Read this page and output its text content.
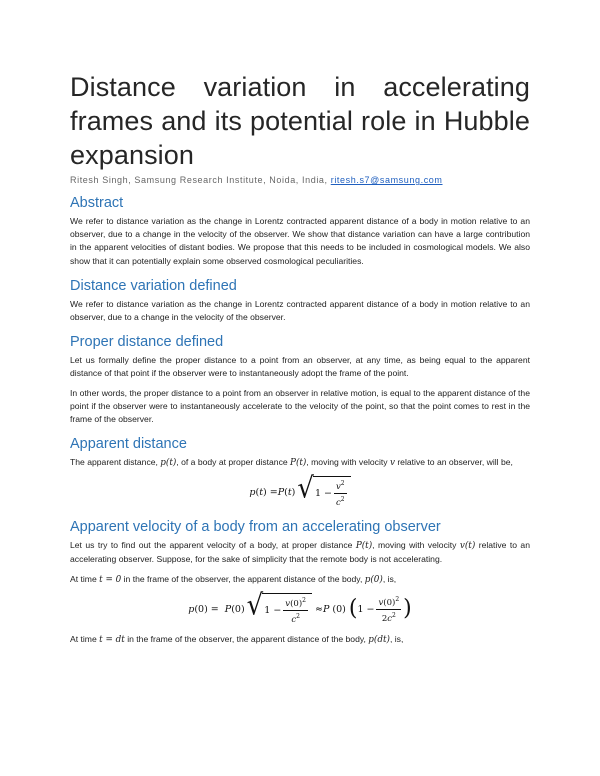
Distance variation in accelerating frames and its potential role in Hubble expansion
Ritesh Singh, Samsung Research Institute, Noida, India, ritesh.s7@samsung.com
Abstract

We refer to distance variation as the change in Lorentz contracted apparent distance of a body in motion relative to an observer, due to a change in the velocity of the observer. We show that distance variation can have a large contribution in the apparent velocities of distant bodies. We propose that this needs to be included in cosmological models. We also show that it can potentially explain some observed cosmological peculiarities.

Distance variation defined

We refer to distance variation as the change in Lorentz contracted apparent distance of a body in motion relative to an observer, due to a change in the velocity of the observer.

Proper distance defined

Let us formally define the proper distance to a point from an observer, at any time, as being equal to the apparent distance of that point if the observer were to instantaneously adopt the frame of the point.

In other words, the proper distance to a point from an observer in relative motion, is equal to the apparent distance of the point if the observer were to instantaneously accelerate to the velocity of the point, so that the point comes to rest in the frame of the observer.

Apparent distance

The apparent distance, p(t), of a body at proper distance P(t), moving with velocity v relative to an observer, will be,

p ( t ) = P ( t ) √ $1 - \frac{v^2}{c^2}$
Apparent velocity of a body from an accelerating observer

Let us try to find out the apparent velocity of a body, at proper distance P(t), moving with velocity v(t) relative to an accelerating observer. Suppose, for the sake of simplicity that the remote body is not accelerating.

At time t = 0 in the frame of the observer, the apparent distance of the body, p(0), is,

p (0) = P (0) √ $1 - \frac{v(0)^2}{c^2} \approx P$ (0) ( $1 - \frac{v(0)^2}{2c^2}$ )

At time t = dt in the frame of the observer, the apparent distance of the body, p(dt), is,
